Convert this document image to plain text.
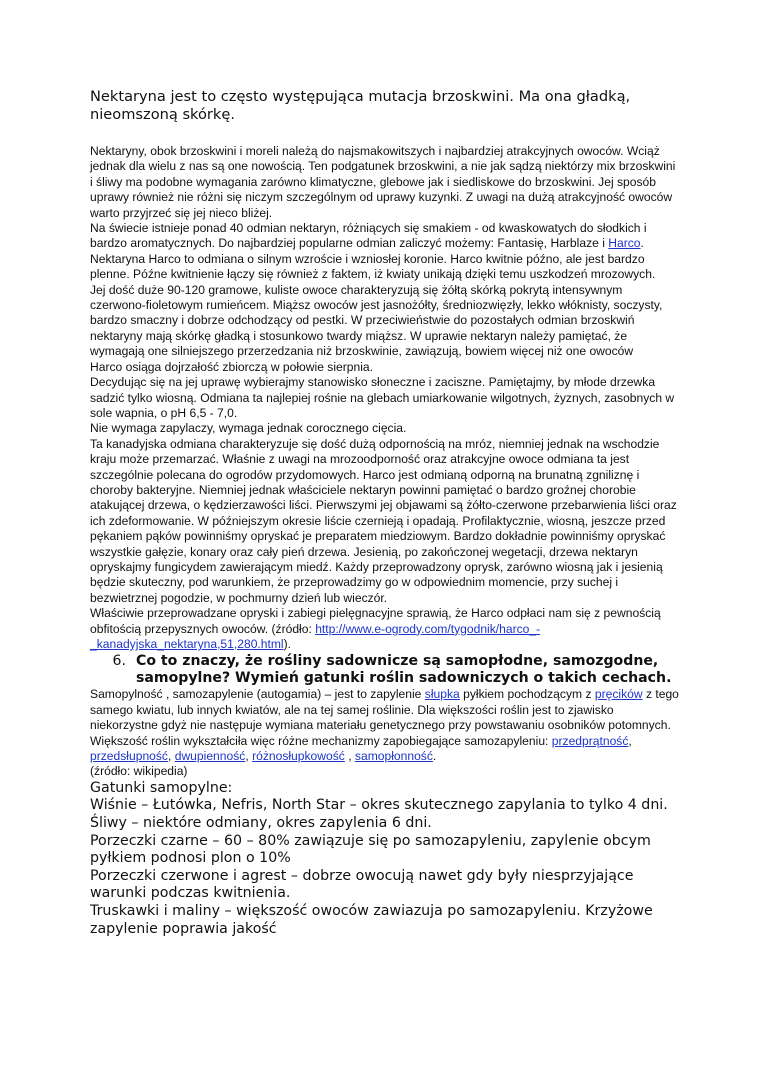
Nektaryna jest to często występująca mutacja brzoskwini. Ma ona gładką, nieomszoną skórkę.

Nektaryny, obok brzoskwini i moreli należą do najsmakowitszych i najbardziej atrakcyjnych owoców. Wciąż jednak dla wielu z nas są one nowością. Ten podgatunek brzoskwini, a nie jak sądzą niektórzy mix brzoskwini i śliwy ma podobne wymagania zarówno klimatyczne, glebowe jak i siedliskowe do brzoskwini. Jej sposób uprawy również nie różni się niczym szczególnym od uprawy kuzynki. Z uwagi na dużą atrakcyjność owoców warto przyjrzeć się jej nieco bliżej.

Na świecie istnieje ponad 40 odmian nektaryn, różniących się smakiem - od kwaskowatych do słodkich i bardzo aromatycznych. Do najbardziej popularne odmian zaliczyć możemy: Fantasię, Harblaze i Harco.

Nektaryna Harco to odmiana o silnym wzroście i wzniosłej koronie. Harco kwitnie późno, ale jest bardzo plenne. Późne kwitnienie łączy się również z faktem, iż kwiaty unikają dzięki temu uszkodzeń mrozowych.

Jej dość duże 90-120 gramowe, kuliste owoce charakteryzują się żółtą skórką pokrytą intensywnym czerwono-fioletowym rumieńcem. Miąższ owoców jest jasnożółty, średniozwięzły, lekko włóknisty, soczysty, bardzo smaczny i dobrze odchodzący od pestki. W przeciwieństwie do pozostałych odmian brzoskwiń nektaryny mają skórkę gładką i stosunkowo twardy miąższ. W uprawie nektaryn należy pamiętać, że wymagają one silniejszego przerzedzania niż brzoskwinie, zawiązują, bowiem więcej niż one owoców

Harco osiąga dojrzałość zbiorczą w połowie sierpnia.

Decydując się na jej uprawę wybierajmy stanowisko słoneczne i zaciszne. Pamiętajmy, by młode drzewka sadzić tylko wiosną. Odmiana ta najlepiej rośnie na glebach umiarkowanie wilgotnych, żyznych, zasobnych w sole wapnia, o pH 6,5 - 7,0.

Nie wymaga zapylaczy, wymaga jednak corocznego cięcia.

Ta kanadyjska odmiana charakteryzuje się dość dużą odpornością na mróz, niemniej jednak na wschodzie kraju może przemarzać. Właśnie z uwagi na mrozoodporność oraz atrakcyjne owoce odmiana ta jest szczególnie polecana do ogrodów przydomowych. Harco jest odmianą odporną na brunatną zgniliznę i choroby bakteryjne. Niemniej jednak właściciele nektaryn powinni pamiętać o bardzo groźnej chorobie atakującej drzewa, o kędzierzawości liści. Pierwszymi jej objawami są żółto-czerwone przebarwienia liści oraz ich zdeformowanie. W późniejszym okresie liście czernieją i opadają. Profilaktycznie, wiosną, jeszcze przed pękaniem pąków powinniśmy opryskać je preparatem miedziowym. Bardzo dokładnie powinniśmy opryskać wszystkie gałęzie, konary oraz cały pień drzewa. Jesienią, po zakończonej wegetacji, drzewa nektaryn opryskajmy fungicydem zawierającym miedź. Każdy przeprowadzony oprysk, zarówno wiosną jak i jesienią będzie skuteczny, pod warunkiem, że przeprowadzimy go w odpowiednim momencie, przy suchej i bezwietrznej pogodzie, w pochmurny dzień lub wieczór.

Właściwie przeprowadzane opryski i zabiegi pielęgnacyjne sprawią, że Harco odpłaci nam się z pewnością obfitością przepysznych owoców. (źródło: http://www.e-ogrody.com/tygodnik/harco_-_kanadyjska_nektaryna,51,280.html).

6. Co to znaczy, że rośliny sadownicze są samopłodne, samozgodne, samopylne? Wymień gatunki roślin sadowniczych o takich cechach.

Samopylność , samozapylenie (autogamia) – jest to zapylenie słupka pyłkiem pochodzącym z pręcików z tego samego kwiatu, lub innych kwiatów, ale na tej samej roślinie. Dla większości roślin jest to zjawisko niekorzystne gdyż nie następuje wymiana materiału genetycznego przy powstawaniu osobników potomnych. Większość roślin wykształciła więc różne mechanizmy zapobiegające samozapyleniu: przedprątność, przedsłupność, dwupienność, różnosłupkowość , samopłonność.

(źródło: wikipedia)

Gatunki samopylne:

Wiśnie – Łutówka, Nefris, North Star – okres skutecznego zapylania to tylko 4 dni.

Śliwy – niektóre odmiany, okres zapylenia 6 dni.

Porzeczki czarne – 60 – 80% zawiązuje się po samozapyleniu, zapylenie obcym pyłkiem podnosi plon o 10%

Porzeczki czerwone i agrest – dobrze owocują nawet gdy były niesprzyjające warunki podczas kwitnienia.

Truskawki i maliny – większość owoców zawiazuja po samozapyleniu. Krzyżowe zapylenie poprawia jakość
